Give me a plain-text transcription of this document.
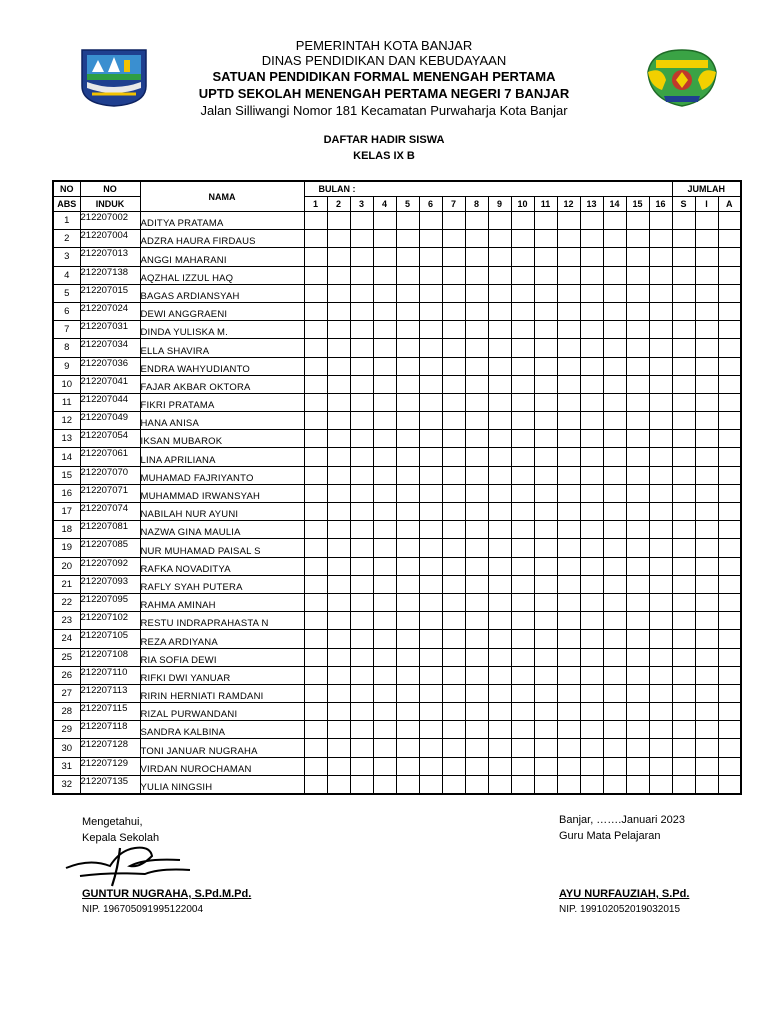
PEMERINTAH KOTA BANJAR
DINAS PENDIDIKAN DAN KEBUDAYAAN
SATUAN PENDIDIKAN FORMAL MENENGAH PERTAMA
UPTD SEKOLAH MENENGAH PERTAMA NEGERI 7 BANJAR
Jalan Silliwangi Nomor 181 Kecamatan Purwaharja Kota Banjar
DAFTAR HADIR SISWA
KELAS IX B
NO	NO	NAMA	BULAN :																JUMLAH		
ABS	INDUK		1	2	3	4	5	6	7	8	9	10	11	12	13	14	15	16	S	I	A
1	212207002	ADITYA PRATAMA																			
2	212207004	ADZRA HAURA FIRDAUS																			
3	212207013	ANGGI MAHARANI																			
4	212207138	AQZHAL IZZUL HAQ																			
5	212207015	BAGAS ARDIANSYAH																			
6	212207024	DEWI ANGGRAENI																			
7	212207031	DINDA YULISKA M.																			
8	212207034	ELLA SHAVIRA																			
9	212207036	ENDRA WAHYUDIANTO																			
10	212207041	FAJAR AKBAR OKTORA																			
11	212207044	FIKRI PRATAMA																			
12	212207049	HANA ANISA																			
13	212207054	IKSAN MUBAROK																			
14	212207061	LINA APRILIANA																			
15	212207070	MUHAMAD FAJRIYANTO																			
16	212207071	MUHAMMAD IRWANSYAH																			
17	212207074	NABILAH NUR AYUNI																			
18	212207081	NAZWA GINA MAULIA																			
19	212207085	NUR MUHAMAD PAISAL S																			
20	212207092	RAFKA NOVADITYA																			
21	212207093	RAFLY SYAH PUTERA																			
22	212207095	RAHMA AMINAH																			
23	212207102	RESTU INDRAPRAHASTA N																			
24	212207105	REZA ARDIYANA																			
25	212207108	RIA SOFIA DEWI																			
26	212207110	RIFKI DWI YANUAR																			
27	212207113	RIRIN HERNIATI RAMDANI																			
28	212207115	RIZAL PURWANDANI																			
29	212207118	SANDRA KALBINA																			
30	212207128	TONI JANUAR NUGRAHA																			
31	212207129	VIRDAN NUROCHAMAN																			
32	212207135	YULIA NINGSIH																			
Mengetahui,
Kepala Sekolah
GUNTUR NUGRAHA, S.Pd.M.Pd.
NIP. 196705091995122004
Banjar, …….Januari 2023
Guru Mata Pelajaran
AYU NURFAUZIAH, S.Pd.
NIP. 199102052019032015
